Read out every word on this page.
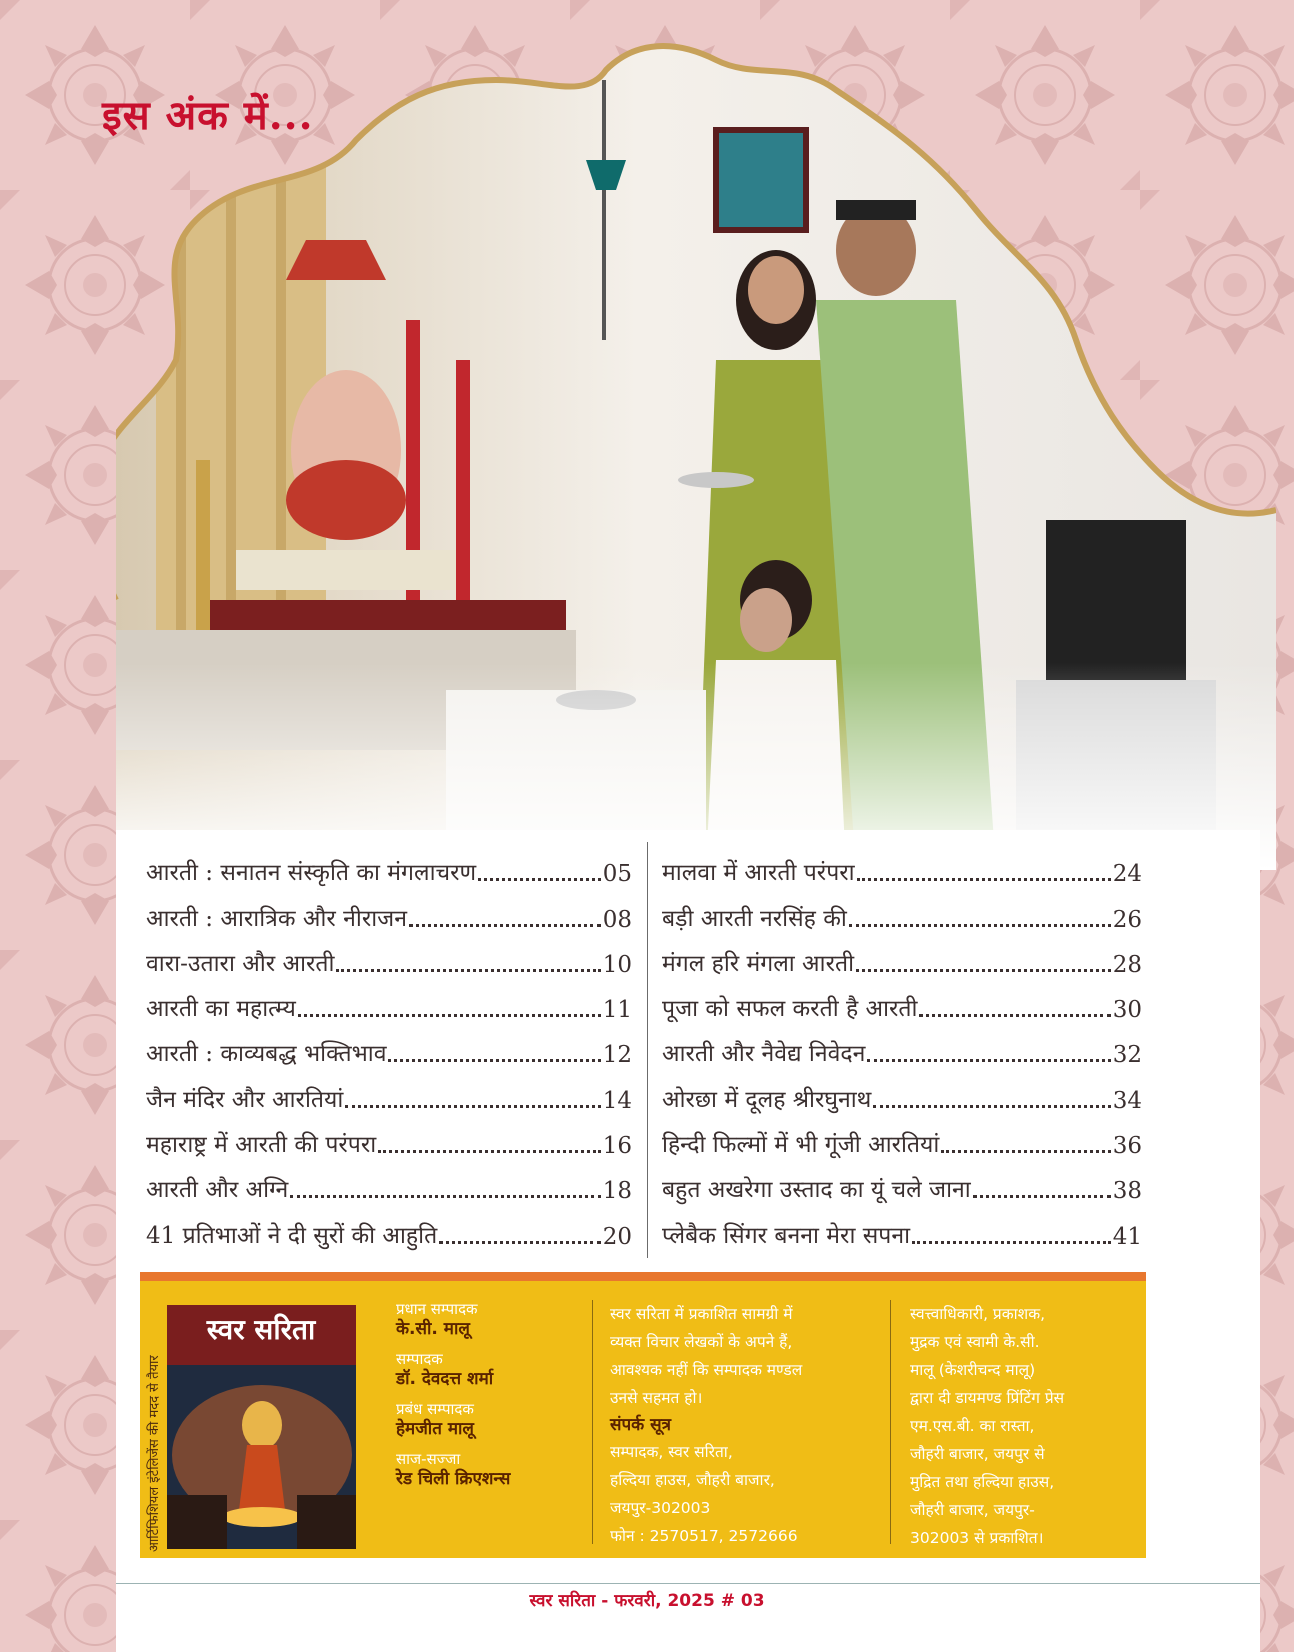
इस अंक में...
आरती : सनातन संस्कृति का मंगलाचरण	05
आरती : आरात्रिक और नीराजन	08
वारा-उतारा और आरती	10
आरती का महात्म्य	11
आरती : काव्यबद्ध भक्तिभाव	12
जैन मंदिर और आरतियां	14
महाराष्ट्र में आरती की परंपरा	16
आरती और अग्नि	18
41 प्रतिभाओं ने दी सुरों की आहुति	20
मालवा में आरती परंपरा	24
बड़ी आरती नरसिंह की	26
मंगल हरि मंगला आरती	28
पूजा को सफल करती है आरती	30
आरती और नैवेद्य निवेदन	32
ओरछा में दूलह श्रीरघुनाथ	34
हिन्दी फिल्मों में भी गूंजी आरतियां	36
बहुत अखरेगा उस्ताद का यूं चले जाना	38
प्लेबैक सिंगर बनना मेरा सपना	41
आर्टिफिशियल इंटेलिजेंस की मदद से तैयार
स्वर सरिता
प्रधान सम्पादक
के.सी. मालू
सम्पादक
डॉ. देवदत्त शर्मा
प्रबंध सम्पादक
हेमजीत मालू
साज-सज्जा
रेड चिली क्रिएशन्स

स्वर सरिता में प्रकाशित सामग्री में

व्यक्त विचार लेखकों के अपने हैं,

आवश्यक नहीं कि सम्पादक मण्डल

उनसे सहमत हो।

संपर्क सूत्र

सम्पादक, स्वर सरिता,

हल्दिया हाउस, जौहरी बाजार,

जयपुर-302003

फोन : 2570517, 2572666

स्वत्त्वाधिकारी, प्रकाशक,

मुद्रक एवं स्वामी के.सी.

मालू (केशरीचन्द मालू)

द्वारा दी डायमण्ड प्रिंटिंग प्रेस

एम.एस.बी. का रास्ता,

जौहरी बाजार, जयपुर से

मुद्रित तथा हल्दिया हाउस,

जौहरी बाजार, जयपुर-

302003 से प्रकाशित।

स्वर सरिता - फरवरी, 2025 # 03
